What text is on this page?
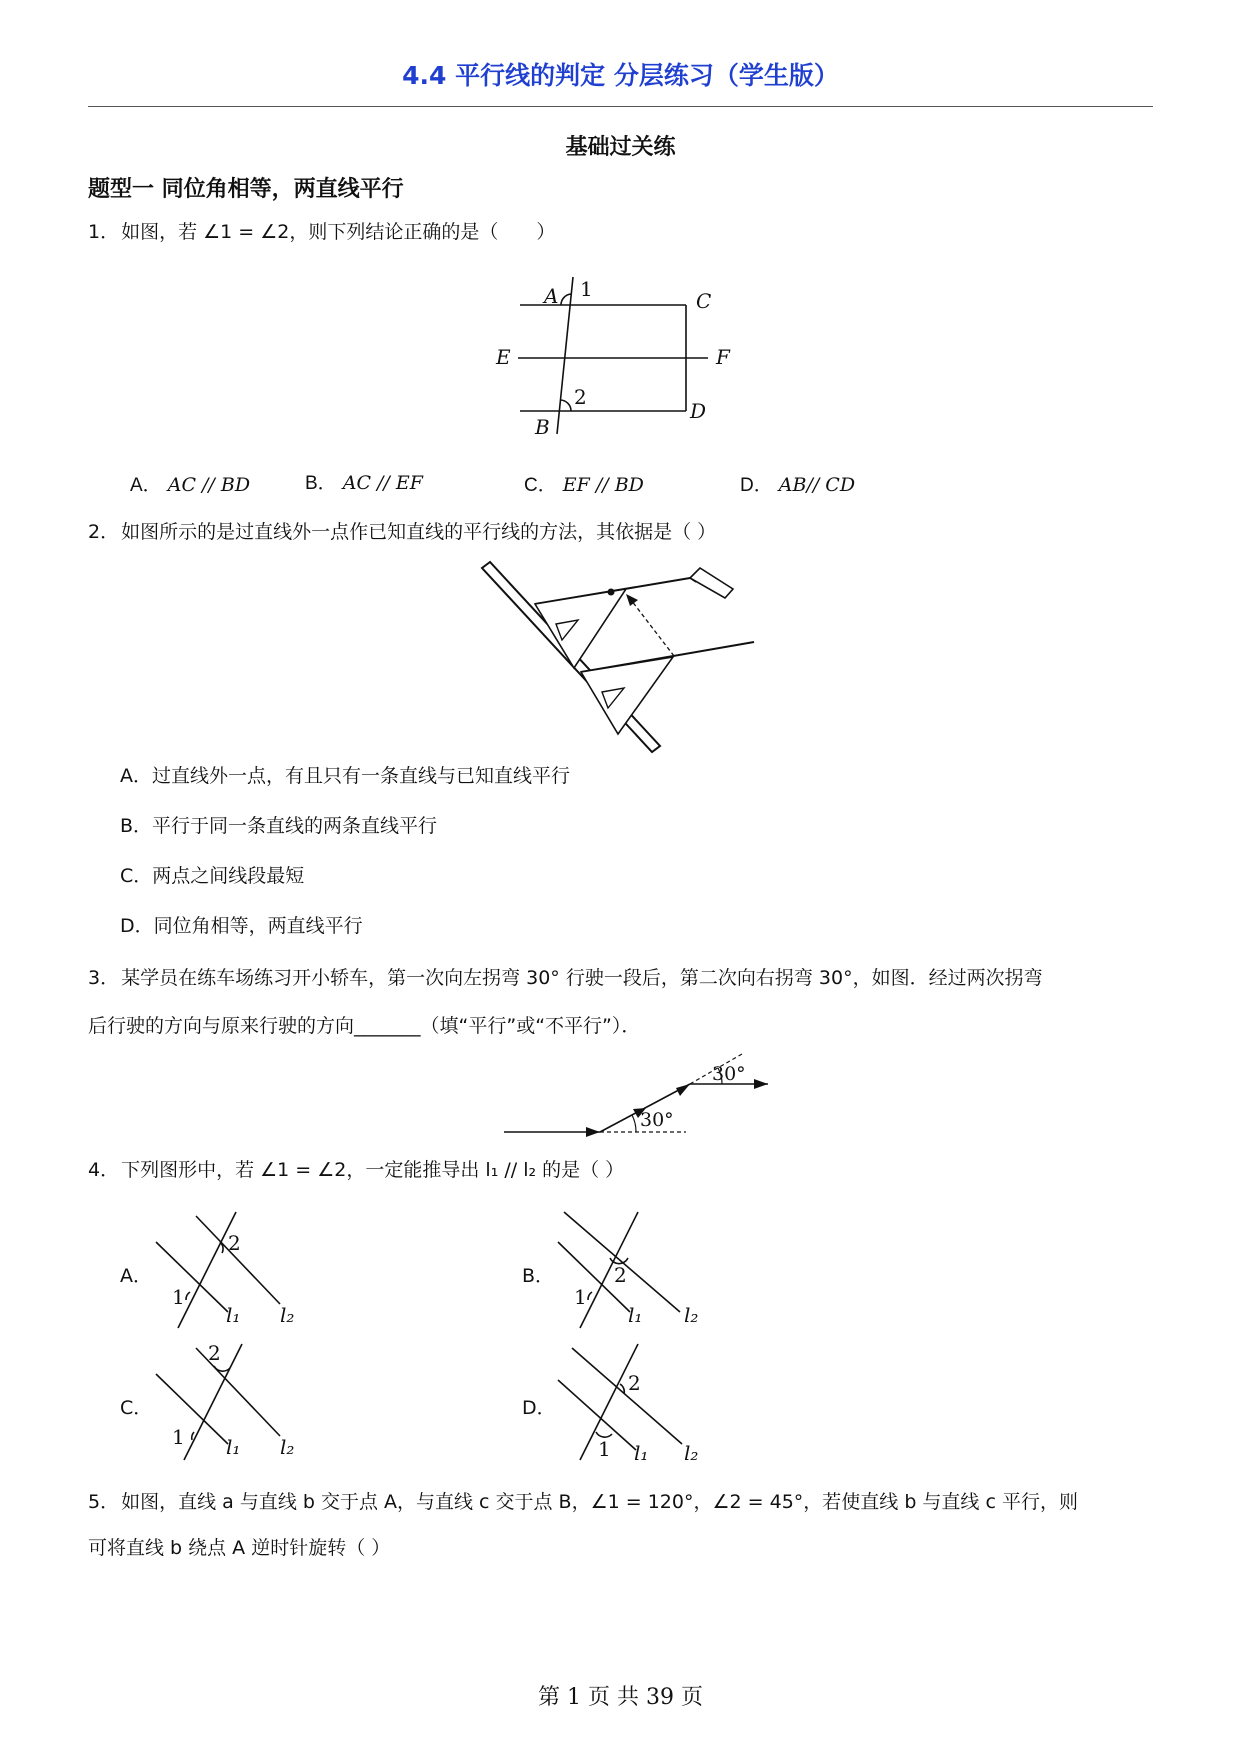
4.4 平行线的判定 分层练习（学生版）
基础过关练
题型一 同位角相等，两直线平行
1． 如图，若 ∠1 = ∠2，则下列结论正确的是（　　）
A 1	C
E	F
2
B
D
A． AC // BD	B． AC // EF	C． EF // BD	D． AB// CD
2． 如图所示的是过直线外一点作已知直线的平行线的方法，其依据是（ ）
A．过直线外一点，有且只有一条直线与已知直线平行
B．平行于同一条直线的两条直线平行
C．两点之间线段最短
D．同位角相等，两直线平行
3． 某学员在练车场练习开小轿车，第一次向左拐弯 30° 行驶一段后，第二次向右拐弯 30°，如图．经过两次拐弯
后行驶的方向与原来行驶的方向_______（填“平行”或“不平行”）．
30°
30°
4． 下列图形中，若 ∠1 = ∠2，一定能推导出 l₁ // l₂ 的是（ ）
A．
1
2
l₁ l₂
B．
1
2
l₁ l₂
C．
1
2
l₁ l₂
D．
1
2
l₁ l₂
5． 如图，直线 a 与直线 b 交于点 A，与直线 c 交于点 B，∠1 = 120°，∠2 = 45°，若使直线 b 与直线 c 平行，则
可将直线 b 绕点 A 逆时针旋转（ ）
第 1 页 共 39 页
